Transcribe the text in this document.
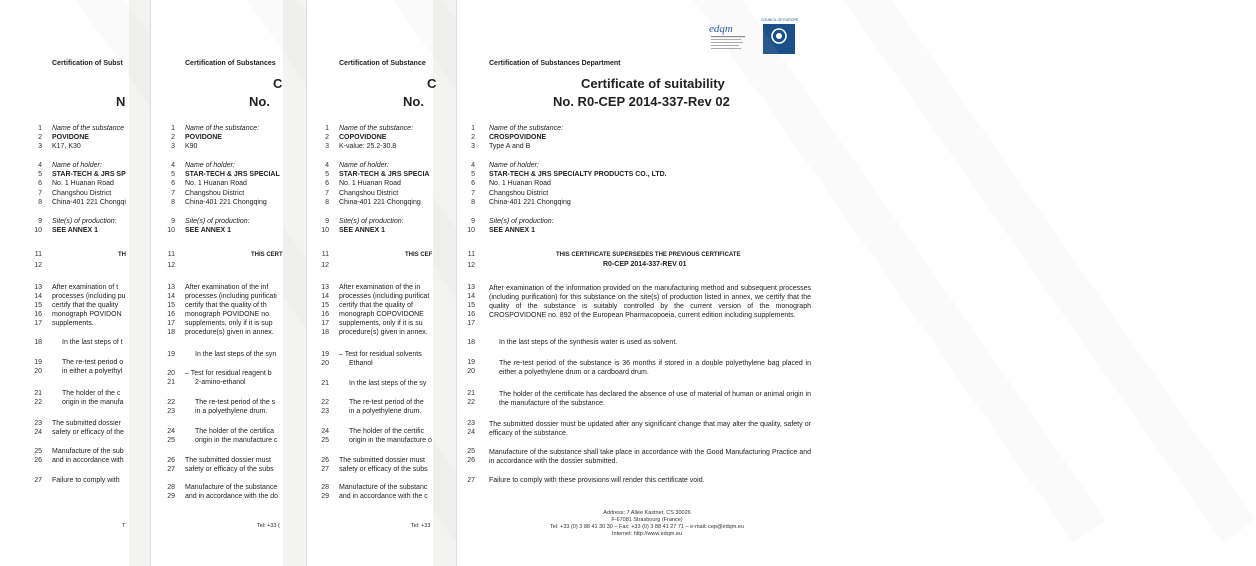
Certification of Subst
N
1 Name of the substance
2 POVIDONE
3 K17, K30
4 Name of holder:
5 STAR-TECH & JRS SP
6 No. 1 Huanan Road
7 Changshou District
8 China-401 221 Chongqi
9 Site(s) of production:
10 SEE ANNEX 1
11	TH
12
13 After examination of t
14 processes (including pu
15 certify that the quality
16 monograph POVIDON
17 supplements.
18	In the last steps of t
19	The re-test period o
20	in either a polyethyl
21	The holder of the c
22	origin in the manufa
23 The submitted dossier
24 safety or efficacy of the
25 Manufacture of the sub
26 and in accordance with
27 Failure to comply with
T
Certification of Substances
C
No.
1 Name of the substance:
2 POVIDONE
3 K90
4 Name of holder:
5 STAR-TECH & JRS SPECIAL
6 No. 1 Huanan Road
7 Changshou District
8 China-401 221 Chongqing
9 Site(s) of production:
10 SEE ANNEX 1
11	THIS CERT
12
13 After examination of the inf
14 processes (including purificati
15 certify that the quality of th
16 monograph POVIDONE no.
17 supplements, only if it is sup
18 procedure(s) given in annex.
19	In the last steps of the syn
20 – Test for residual reagent b
21	2-amino-ethanol
22	The re-test period of the s
23	in a polyethylene drum.
24	The holder of the certifica
25	origin in the manufacture c
26 The submitted dossier must
27 safety or efficacy of the subs
28 Manufacture of the substance
29 and in accordance with the do
Tel: +33 (
Certification of Substance
C
No.
1 Name of the substance:
2 COPOVIDONE
3 K-value: 25.2-30.8
4 Name of holder:
5 STAR-TECH & JRS SPECIA
6 No. 1 Huanan Road
7 Changshou District
8 China-401 221 Chongqing
9 Site(s) of production:
10 SEE ANNEX 1
11	THIS CEF
12
13 After examination of the in
14 processes (including purificat
15 certify that the quality of
16 monograph COPOVIDONE
17 supplements, only if it is su
18 procedure(s) given in annex.
19 – Test for residual solvents
20	Ethanol
21	In the last steps of the sy
22	The re-test period of the
23	in a polyethylene drum.
24	The holder of the certific
25	origin in the manufacture o
26 The submitted dossier must
27 safety or efficacy of the subs
28 Manufacture of the substanc
29 and in accordance with the c
Tel: +33
edqm
COUNCIL OF EUROPE
Certification of Substances Department
Certificate of suitability
No. R0-CEP 2014-337-Rev 02
1 Name of the substance:
2 CROSPOVIDONE
3 Type A and B
4 Name of holder:
5 STAR-TECH & JRS SPECIALTY PRODUCTS CO., LTD.
6 No. 1 Huanan Road
7 Changshou District
8 China-401 221 Chongqing
9 Site(s) of production:
10 SEE ANNEX 1
11	THIS CERTIFICATE SUPERSEDES THE PREVIOUS CERTIFICATE
12	R0-CEP 2014-337-REV 01
13
14
15
16
17
After examination of the information provided on the manufacturing method and subsequent processes (including purification) for this substance on the site(s) of production listed in annex, we certify that the quality of the substance is suitably controlled by the current version of the monograph CROSPOVIDONE no. 892 of the European Pharmacopoeia, current edition including supplements.
18	In the last steps of the synthesis water is used as solvent.
19
20
The re-test period of the substance is 36 months if stored in a double polyethylene bag placed in either a polyethylene drum or a cardboard drum.
21
22
The holder of the certificate has declared the absence of use of material of human or animal origin in the manufacture of the substance.
23
24
The submitted dossier must be updated after any significant change that may alter the quality, safety or efficacy of the substance.
25
26
Manufacture of the substance shall take place in accordance with the Good Manufacturing Practice and in accordance with the dossier submitted.
27 Failure to comply with these provisions will render this certificate void.
Address: 7 Allée Kastner, CS 30026
F-67081 Strasbourg (France)
Tel: +33 (0) 3 88 41 30 30 – Fax: +33 (0) 3 88 41 27 71 – e-mail: cep@edqm.eu
Internet: http://www.edqm.eu
